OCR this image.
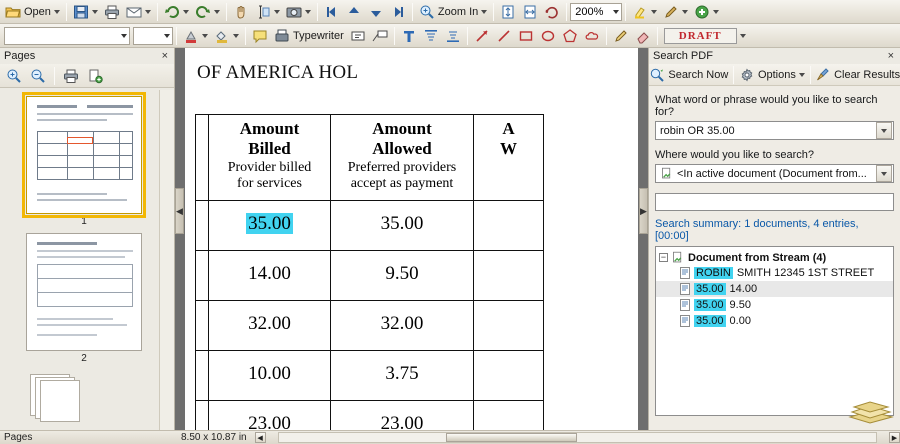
Open	Zoom In	200%
Typewriter	DRAFT
Pages	×
1
2
OF AMERICA HOL

Amount
Billed
Provider billed
for services

Amount
Allowed
Preferred providers
accept as payment

A
W

	35.00	35.00	
	14.00	9.50	
	32.00	32.00	
	10.00	3.75	
	23.00	23.00	
◀	▶
Search PDF	×
Search Now	Options	Clear Results
What word or phrase would you like to search for?
robin OR 35.00
Where would you like to search?
<In active document (Document from...
Search summary: 1 documents, 4 entries, [00:00]
− Document from Stream (4)
ROBIN SMITH 12345 1ST STREET
35.00 14.00
35.00 9.50
35.00 0.00
Pages	8.50 x 10.87 in	◀	▶
